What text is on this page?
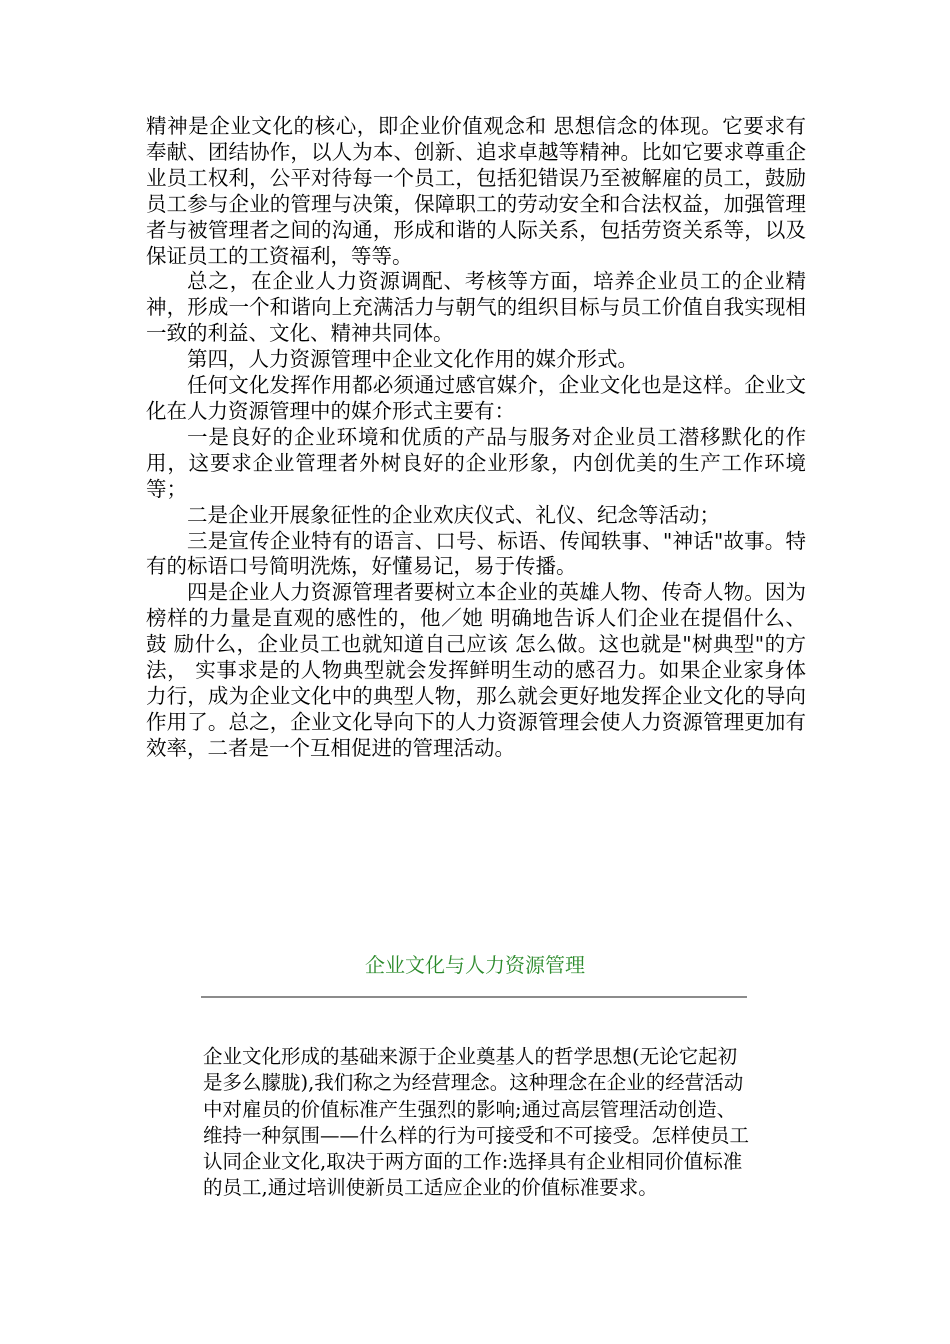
精神是企业文化的核心，即企业价值观念和 思想信念的体现。它要求有奉献、团结协作，以人为本、创新、追求卓越等精神。比如它要求尊重企业员工权利，公平对待每一个员工，包括犯错误乃至被解雇的员工，鼓励员工参与企业的管理与决策，保障职工的劳动安全和合法权益，加强管理者与被管理者之间的沟通，形成和谐的人际关系，包括劳资关系等，以及保证员工的工资福利，等等。

总之，在企业人力资源调配、考核等方面，培养企业员工的企业精神，形成一个和谐向上充满活力与朝气的组织目标与员工价值自我实现相一致的利益、文化、精神共同体。

第四，人力资源管理中企业文化作用的媒介形式。

任何文化发挥作用都必须通过感官媒介，企业文化也是这样。企业文化在人力资源管理中的媒介形式主要有：

一是良好的企业环境和优质的产品与服务对企业员工潜移默化的作用，这要求企业管理者外树良好的企业形象，内创优美的生产工作环境等；

二是企业开展象征性的企业欢庆仪式、礼仪、纪念等活动；

三是宣传企业特有的语言、口号、标语、传闻轶事、"神话"故事。特有的标语口号简明洗炼，好懂易记，易于传播。

四是企业人力资源管理者要树立本企业的英雄人物、传奇人物。因为榜样的力量是直观的感性的，他／她 明确地告诉人们企业在提倡什么、鼓 励什么，企业员工也就知道自己应该 怎么做。这也就是"树典型"的方法， 实事求是的人物典型就会发挥鲜明生动的感召力。如果企业家身体力行，成为企业文化中的典型人物，那么就会更好地发挥企业文化的导向作用了。总之，企业文化导向下的人力资源管理会使人力资源管理更加有效率，二者是一个互相促进的管理活动。

企业文化与人力资源管理

企业文化形成的基础来源于企业奠基人的哲学思想(无论它起初是多么朦胧),我们称之为经营理念。这种理念在企业的经营活动中对雇员的价值标准产生强烈的影响;通过高层管理活动创造、维持一种氛围——什么样的行为可接受和不可接受。怎样使员工认同企业文化,取决于两方面的工作:选择具有企业相同价值标准的员工,通过培训使新员工适应企业的价值标准要求。
